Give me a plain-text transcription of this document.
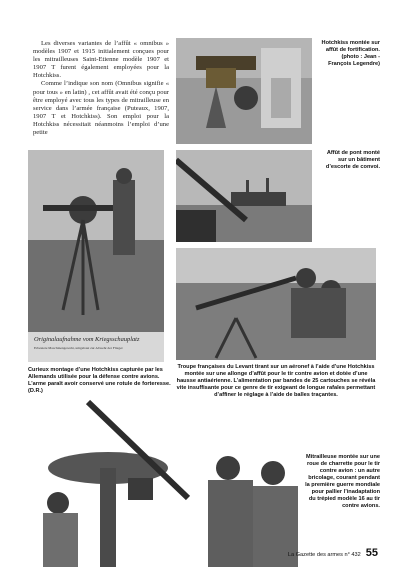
Les diverses variantes de l’affût « omnibus » modèles 1907 et 1915 initialement conçues pour les mitrailleuses Saint-Etienne modèle 1907 et 1907 T furent également employées pour la Hotchkiss.

Comme l’indique son nom (Omnibus signifie « pour tous » en latin) , cet affût avait été conçu pour être employé avec tous les types de mitrailleuse en service dans l’armée française (Puteaux, 1907, 1907 T et Hotchkiss). Son emploi pour la Hotchkiss nécessitait néanmoins l’emploi d’une petite

Hotchkiss montée sur affût de fortification. (photo : Jean - François Legendre)
Originalaufnahme vom Kriegsschauplatz
Erbeutete Maschinengewehr, umgebaut zur Abwehr der Flieger
Curieux montage d’une Hotchkiss capturée par les Allemands utilisée pour la défense contre avions. L’arme paraît avoir conservé une rotule de forteresse. (D.R.)
Affût de pont monté sur un bâtiment d’escorte de convoi.
Troupe françaises du Levant tirant sur un aéronef à l’aide d’une Hotchkiss montée sur une allonge d’affût pour le tir contre avion et dotée d’une hausse antiaérienne. L’alimentation par bandes de 25 cartouches se révéla vite insuffisante pour ce genre de tir exigeant de longue rafales permettant d’affiner le réglage à l’aide de balles traçantes.
Mitrailleuse montée sur une roue de charrette pour le tir contre avion : un autre bricolage, courant pendant la première guerre mondiale pour pallier l’inadaptation du trépied modèle 16 au tir contre avions.
La Gazette des armes n° 432 55
